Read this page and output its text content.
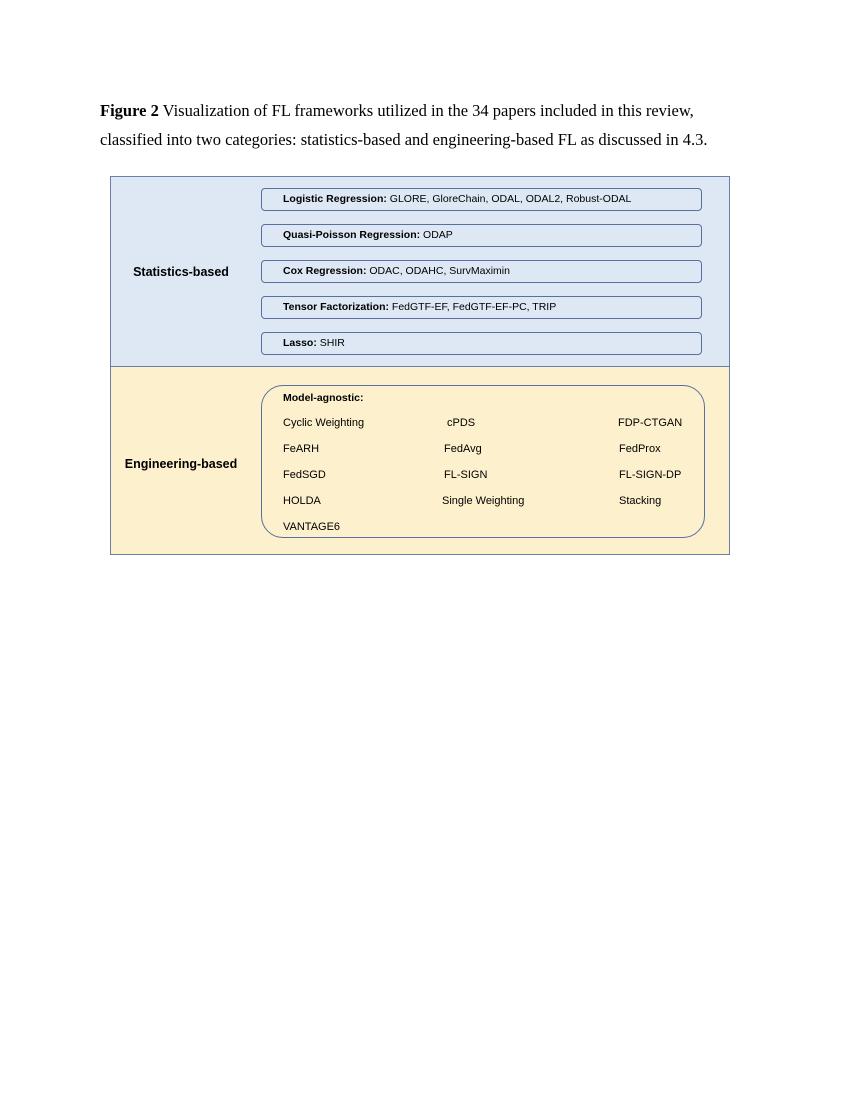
Figure 2 Visualization of FL frameworks utilized in the 34 papers included in this review,
classified into two categories: statistics-based and engineering-based FL as discussed in 4.3.
Statistics-based
Logistic Regression: GLORE, GloreChain, ODAL, ODAL2, Robust-ODAL
Quasi-Poisson Regression: ODAP
Cox Regression: ODAC, ODAHC, SurvMaximin
Tensor Factorization: FedGTF-EF, FedGTF-EF-PC, TRIP
Lasso: SHIR
Engineering-based
Model-agnostic:
Cyclic Weighting	cPDS	FDP-CTGAN
FeARH	FedAvg	FedProx
FedSGD	FL-SIGN	FL-SIGN-DP
HOLDA	Single Weighting	Stacking
VANTAGE6
